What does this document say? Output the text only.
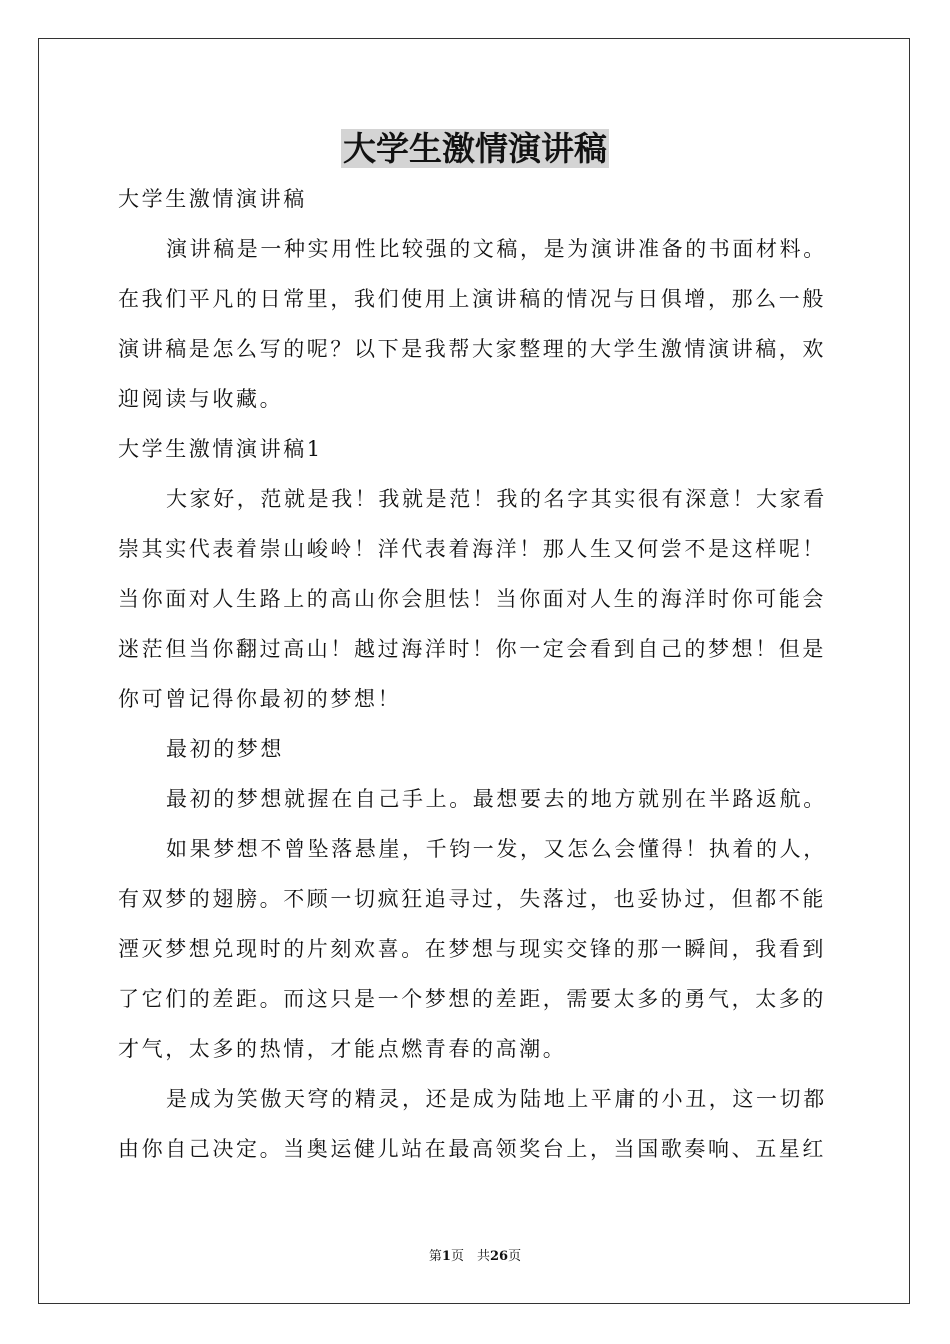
大学生激情演讲稿

大学生激情演讲稿

演讲稿是一种实用性比较强的文稿，是为演讲准备的书面材料。

在我们平凡的日常里，我们使用上演讲稿的情况与日俱增，那么一般

演讲稿是怎么写的呢？以下是我帮大家整理的大学生激情演讲稿，欢

迎阅读与收藏。

大学生激情演讲稿1

大家好，范就是我！我就是范！我的名字其实很有深意！大家看

崇其实代表着崇山峻岭！洋代表着海洋！那人生又何尝不是这样呢！

当你面对人生路上的高山你会胆怯！当你面对人生的海洋时你可能会

迷茫但当你翻过高山！越过海洋时！你一定会看到自己的梦想！但是

你可曾记得你最初的梦想！

最初的梦想

最初的梦想就握在自己手上。最想要去的地方就别在半路返航。

如果梦想不曾坠落悬崖，千钧一发，又怎么会懂得！执着的人，

有双梦的翅膀。不顾一切疯狂追寻过，失落过，也妥协过，但都不能

湮灭梦想兑现时的片刻欢喜。在梦想与现实交锋的那一瞬间，我看到

了它们的差距。而这只是一个梦想的差距，需要太多的勇气，太多的

才气，太多的热情，才能点燃青春的高潮。

是成为笑傲天穹的精灵，还是成为陆地上平庸的小丑，这一切都

由你自己决定。当奥运健儿站在最高领奖台上，当国歌奏响、五星红

第1页　共26页
